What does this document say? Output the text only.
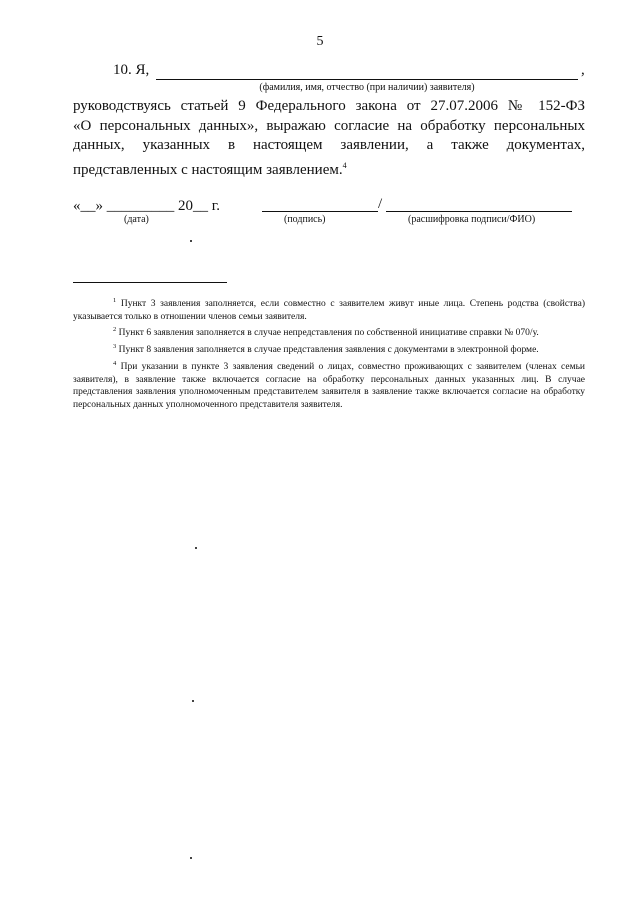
5
10. Я,	,
(фамилия, имя, отчество (при наличии) заявителя)
руководствуясь статьей 9 Федерального закона от 27.07.2006 № 152-ФЗ
«О персональных данных», выражаю согласие на обработку персональных
данных, указанных в настоящем заявлении, а также документах,
представленных с настоящим заявлением.$^4$
«__» _________ 20__ г.	/
(дата)	(подпись)	(расшифровка подписи/ФИО)

$^1$ Пункт 3 заявления заполняется, если совместно с заявителем живут иные лица. Степень родства (свойства) указывается только в отношении членов семьи заявителя.

$^2$ Пункт 6 заявления заполняется в случае непредставления по собственной инициативе справки № 070/у.

$^3$ Пункт 8 заявления заполняется в случае представления заявления с документами в электронной форме.

$^4$ При указании в пункте 3 заявления сведений о лицах, совместно проживающих с заявителем (членах семьи заявителя), в заявление также включается согласие на обработку персональных данных указанных лиц. В случае представления заявления уполномоченным представителем заявителя в заявление также включается согласие на обработку персональных данных уполномоченного представителя заявителя.
